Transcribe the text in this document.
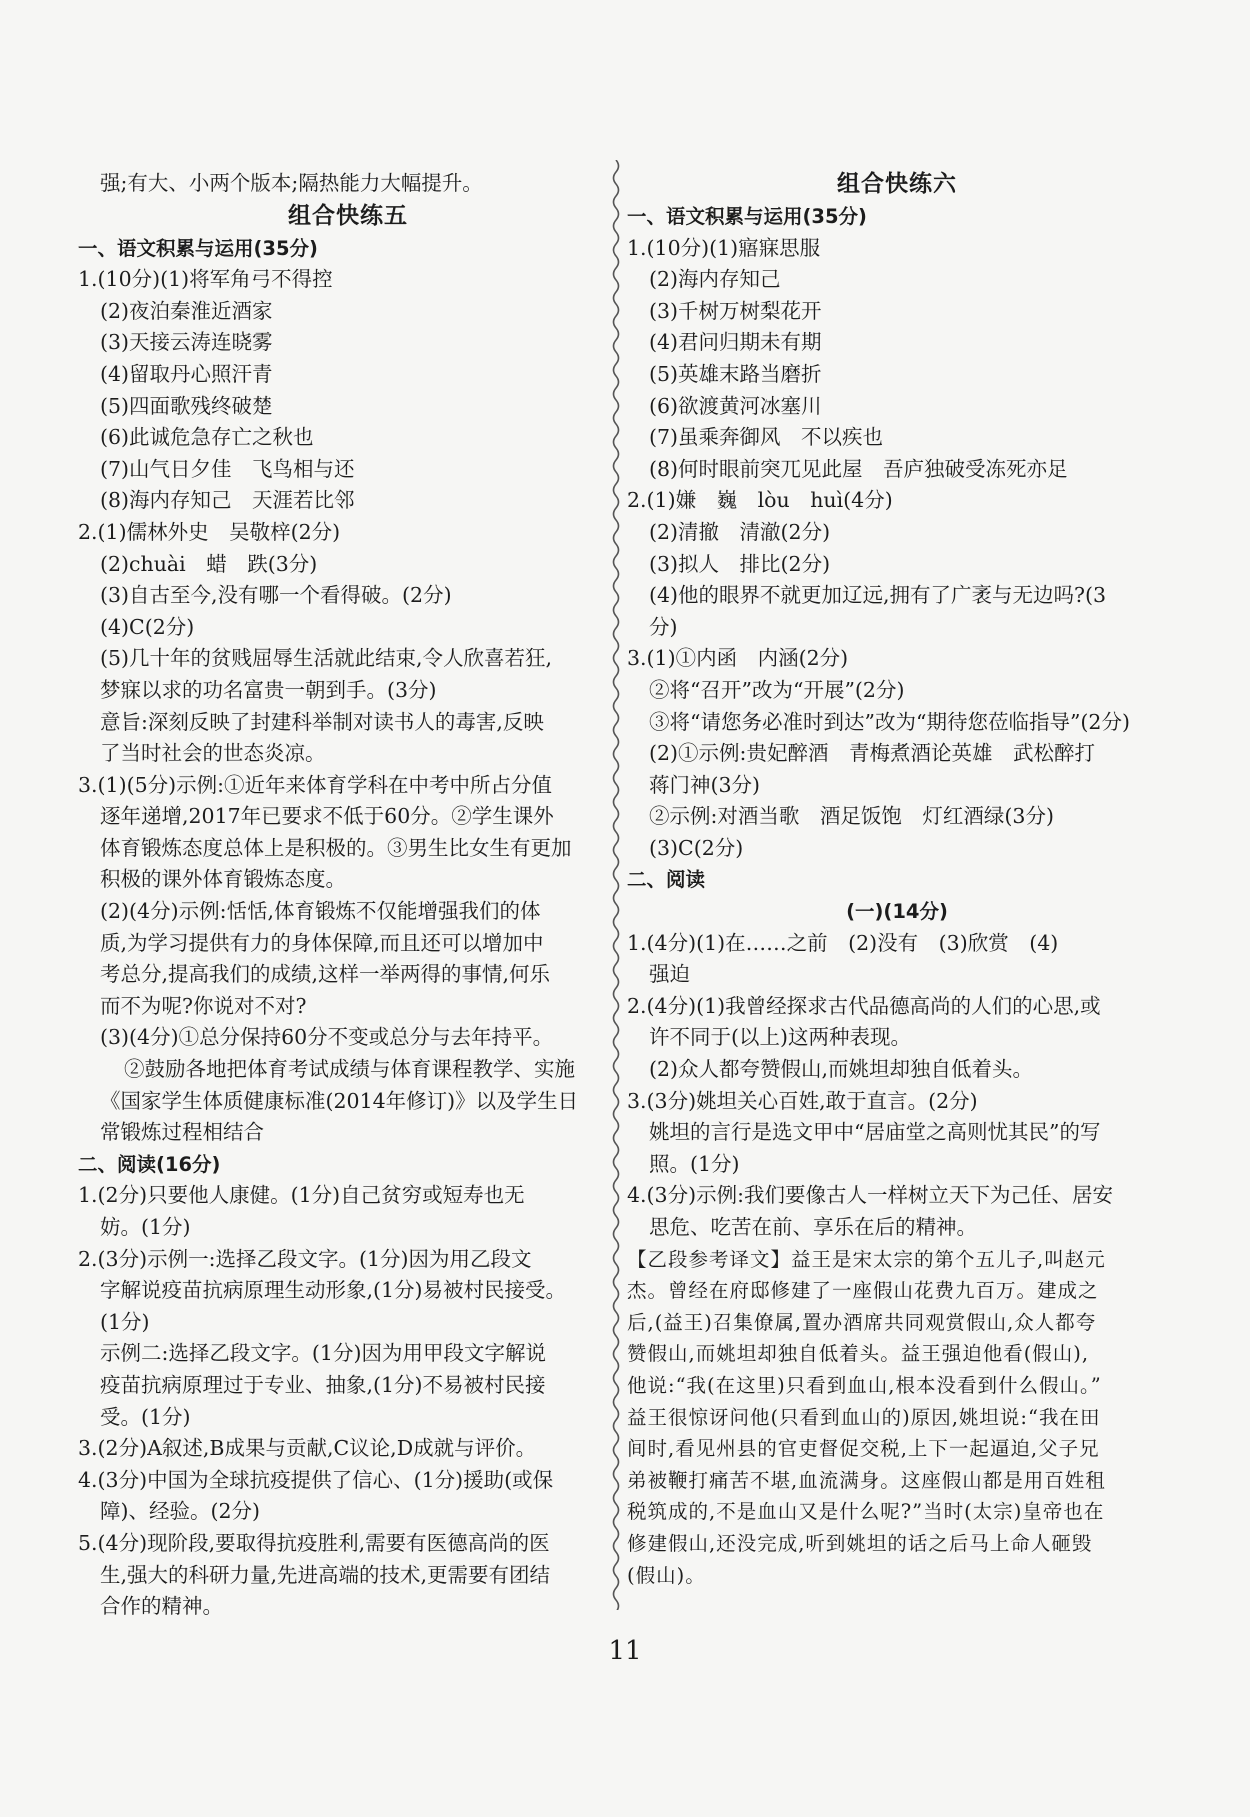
强;有大、小两个版本;隔热能力大幅提升。
组合快练五
一、语文积累与运用(35分)
1.(10分)(1)将军角弓不得控
(2)夜泊秦淮近酒家
(3)天接云涛连晓雾
(4)留取丹心照汗青
(5)四面歌残终破楚
(6)此诚危急存亡之秋也
(7)山气日夕佳　飞鸟相与还
(8)海内存知己　天涯若比邻
2.(1)儒林外史　吴敬梓(2分)
(2)chuài　蜡　跌(3分)
(3)自古至今,没有哪一个看得破。(2分)
(4)C(2分)
(5)几十年的贫贱屈辱生活就此结束,令人欣喜若狂,
梦寐以求的功名富贵一朝到手。(3分)
意旨:深刻反映了封建科举制对读书人的毒害,反映
了当时社会的世态炎凉。
3.(1)(5分)示例:①近年来体育学科在中考中所占分值
逐年递增,2017年已要求不低于60分。②学生课外
体育锻炼态度总体上是积极的。③男生比女生有更加
积极的课外体育锻炼态度。
(2)(4分)示例:恬恬,体育锻炼不仅能增强我们的体
质,为学习提供有力的身体保障,而且还可以增加中
考总分,提高我们的成绩,这样一举两得的事情,何乐
而不为呢?你说对不对?
(3)(4分)①总分保持60分不变或总分与去年持平。
②鼓励各地把体育考试成绩与体育课程教学、实施
《国家学生体质健康标准(2014年修订)》以及学生日
常锻炼过程相结合
二、阅读(16分)
1.(2分)只要他人康健。(1分)自己贫穷或短寿也无
妨。(1分)
2.(3分)示例一:选择乙段文字。(1分)因为用乙段文
字解说疫苗抗病原理生动形象,(1分)易被村民接受。
(1分)
示例二:选择乙段文字。(1分)因为用甲段文字解说
疫苗抗病原理过于专业、抽象,(1分)不易被村民接
受。(1分)
3.(2分)A叙述,B成果与贡献,C议论,D成就与评价。
4.(3分)中国为全球抗疫提供了信心、(1分)援助(或保
障)、经验。(2分)
5.(4分)现阶段,要取得抗疫胜利,需要有医德高尚的医
生,强大的科研力量,先进高端的技术,更需要有团结
合作的精神。
组合快练六
一、语文积累与运用(35分)
1.(10分)(1)寤寐思服
(2)海内存知己
(3)千树万树梨花开
(4)君问归期未有期
(5)英雄末路当磨折
(6)欲渡黄河冰塞川
(7)虽乘奔御风　不以疾也
(8)何时眼前突兀见此屋　吾庐独破受冻死亦足
2.(1)嫌　巍　lòu　huì(4分)
(2)清撤　清澈(2分)
(3)拟人　排比(2分)
(4)他的眼界不就更加辽远,拥有了广袤与无边吗?(3
分)
3.(1)①内函　内涵(2分)
②将“召开”改为“开展”(2分)
③将“请您务必准时到达”改为“期待您莅临指导”(2分)
(2)①示例:贵妃醉酒　青梅煮酒论英雄　武松醉打
蒋门神(3分)
②示例:对酒当歌　酒足饭饱　灯红酒绿(3分)
(3)C(2分)
二、阅读
(一)(14分)
1.(4分)(1)在……之前　(2)没有　(3)欣赏　(4)
强迫
2.(4分)(1)我曾经探求古代品德高尚的人们的心思,或
许不同于(以上)这两种表现。
(2)众人都夸赞假山,而姚坦却独自低着头。
3.(3分)姚坦关心百姓,敢于直言。(2分)
姚坦的言行是选文甲中“居庙堂之高则忧其民”的写
照。(1分)
4.(3分)示例:我们要像古人一样树立天下为己任、居安
思危、吃苦在前、享乐在后的精神。
【乙段参考译文】益王是宋太宗的第个五儿子,叫赵元
杰。曾经在府邸修建了一座假山花费九百万。建成之
后,(益王)召集僚属,置办酒席共同观赏假山,众人都夸
赞假山,而姚坦却独自低着头。益王强迫他看(假山),
他说:“我(在这里)只看到血山,根本没看到什么假山。”
益王很惊讶问他(只看到血山的)原因,姚坦说:“我在田
间时,看见州县的官吏督促交税,上下一起逼迫,父子兄
弟被鞭打痛苦不堪,血流满身。这座假山都是用百姓租
税筑成的,不是血山又是什么呢?”当时(太宗)皇帝也在
修建假山,还没完成,听到姚坦的话之后马上命人砸毁
(假山)。
11
